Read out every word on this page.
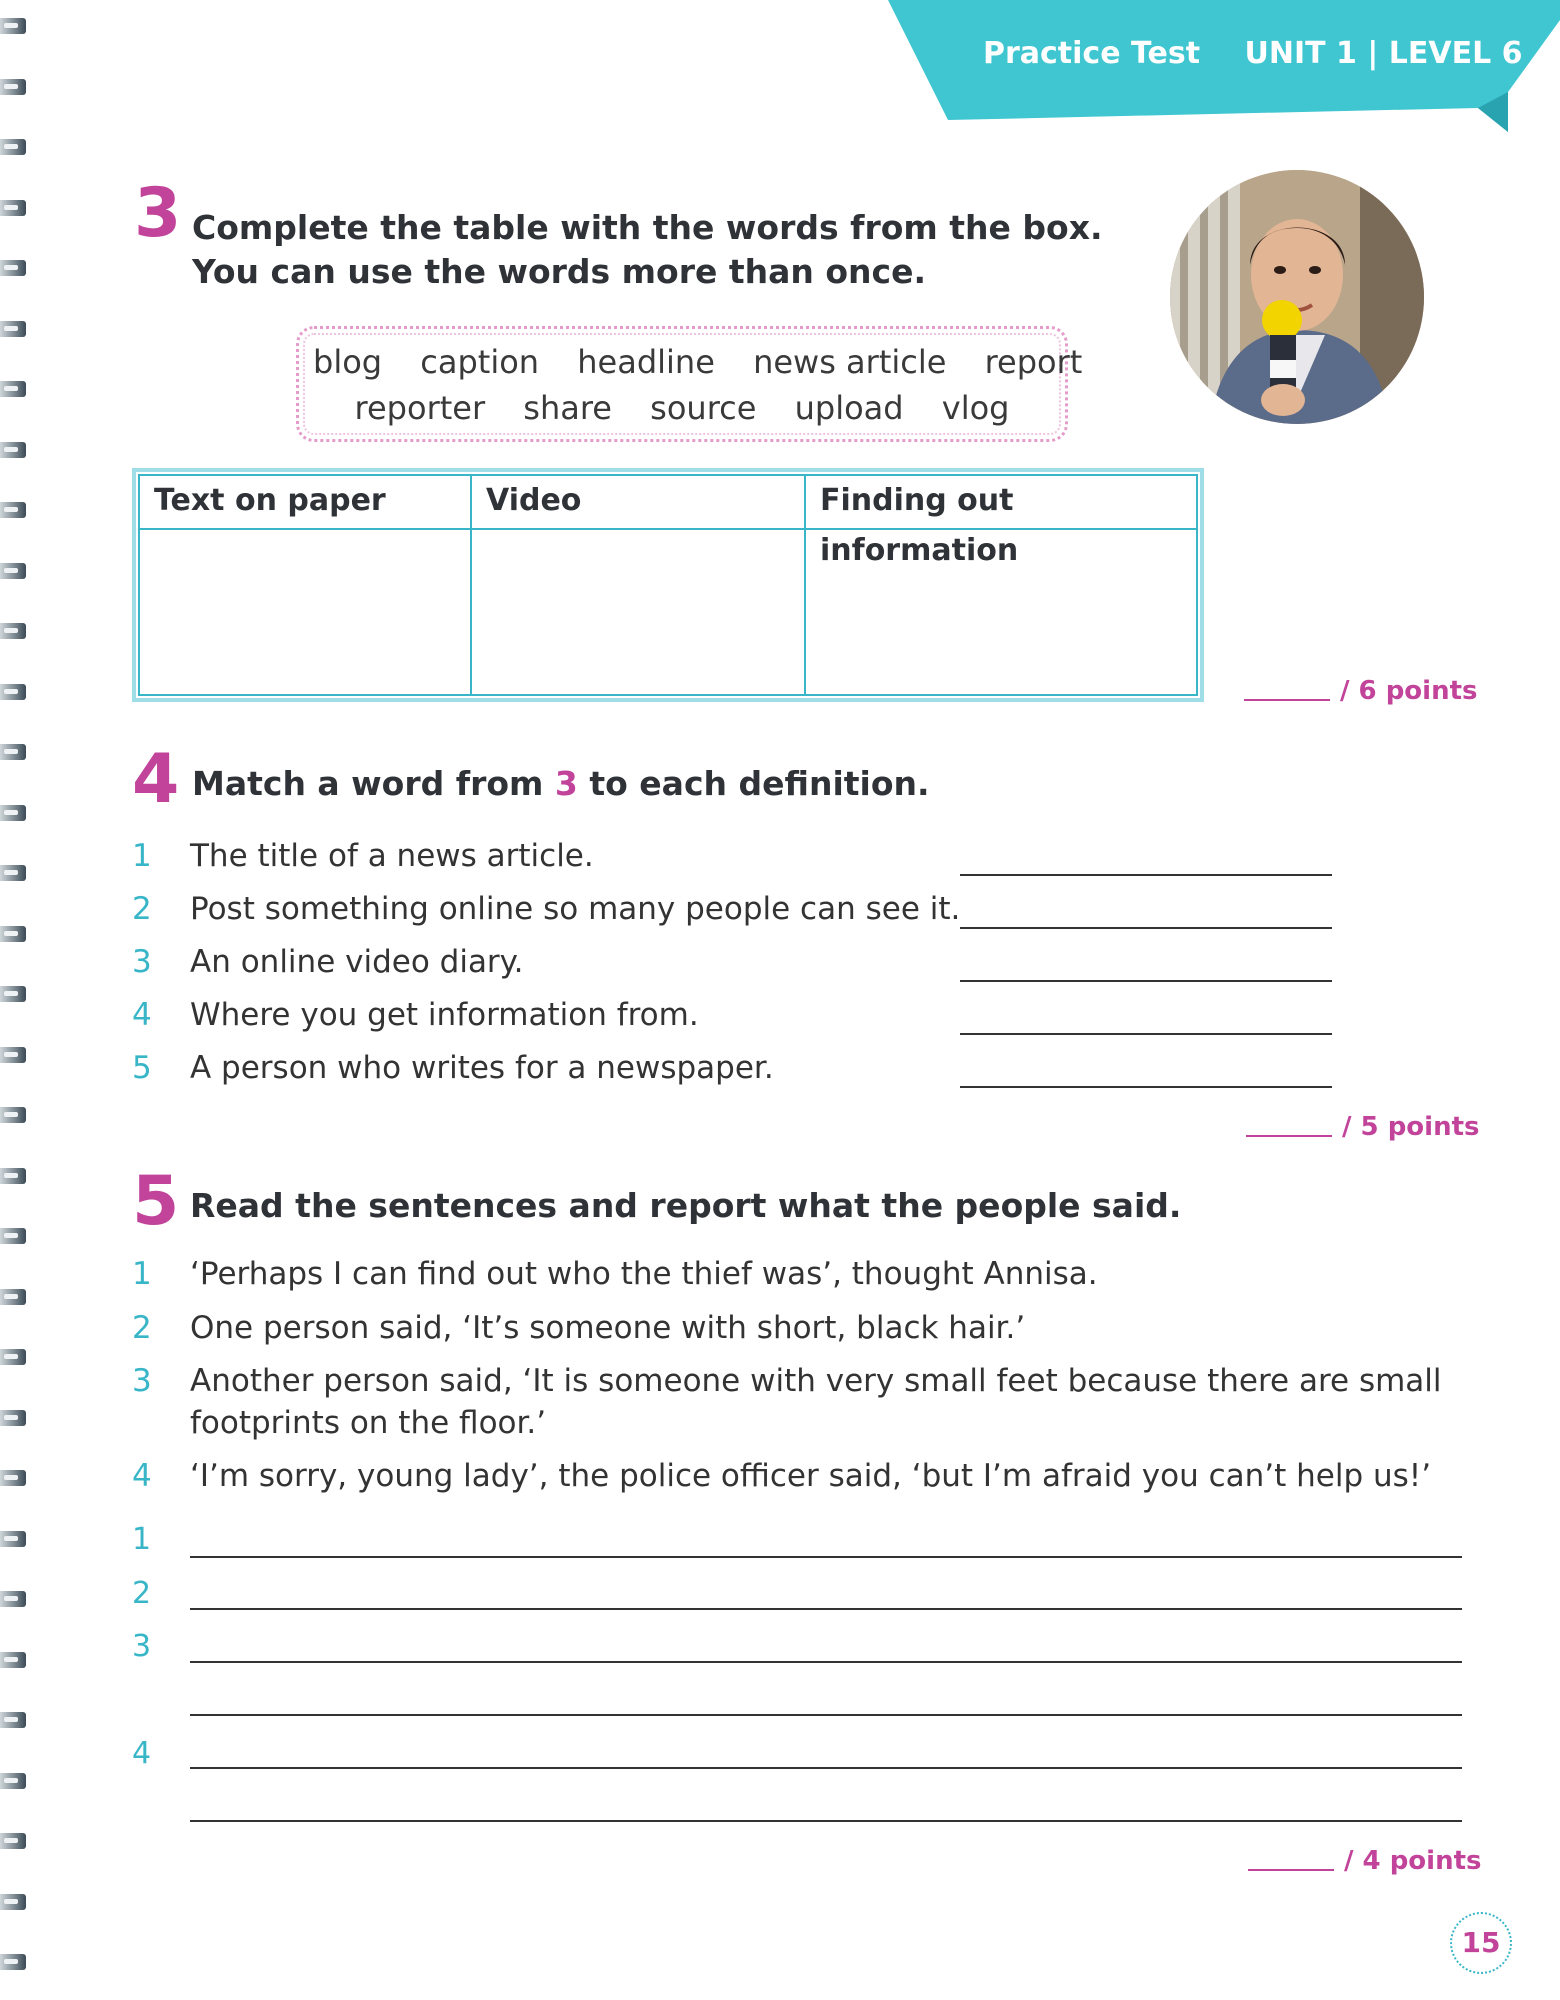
Practice Test UNIT 1 | LEVEL 6
3 Complete the table with the words from the box.
You can use the words more than once.
blog caption headline news article report
reporter share source upload vlog
Text on paper	Video	Finding out information
/ 6 points
4 Match a word from 3 to each definition.
1 The title of a news article.
2 Post something online so many people can see it.
3 An online video diary.
4 Where you get information from.
5 A person who writes for a newspaper.
/ 5 points
5 Read the sentences and report what the people said.
1 ‘Perhaps I can find out who the thief was’, thought Annisa.
2 One person said, ‘It’s someone with short, black hair.’
3 Another person said, ‘It is someone with very small feet because there are small
footprints on the floor.’
4 ‘I’m sorry, young lady’, the police officer said, ‘but I’m afraid you can’t help us!’
1
2
3
4
/ 4 points
15
